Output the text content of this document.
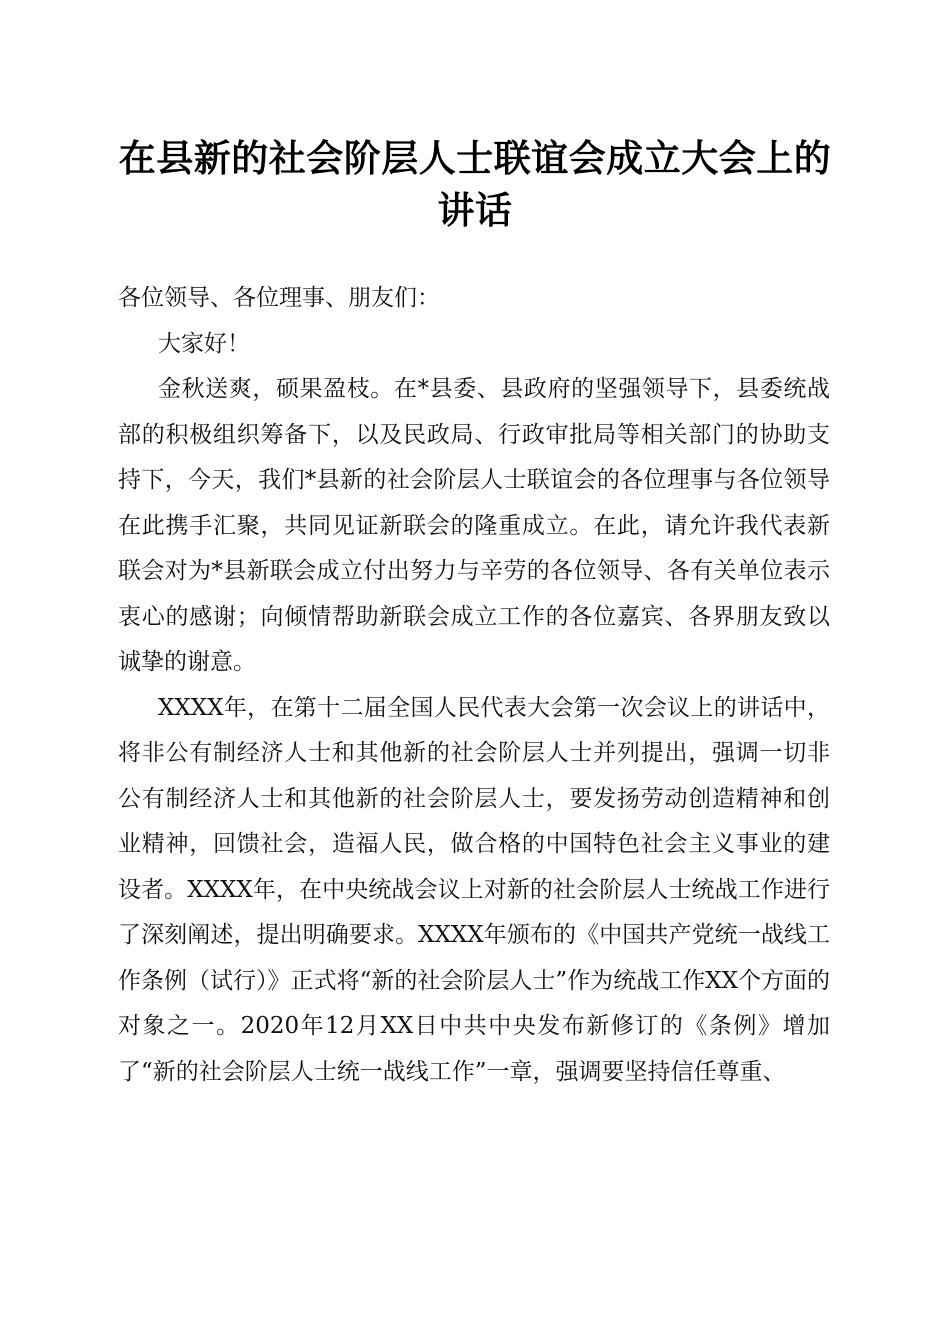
在县新的社会阶层人士联谊会成立大会上的讲话

各位领导、各位理事、朋友们：

大家好！

金秋送爽，硕果盈枝。在*县委、县政府的坚强领导下，县委统战部的积极组织筹备下，以及民政局、行政审批局等相关部门的协助支持下，今天，我们*县新的社会阶层人士联谊会的各位理事与各位领导在此携手汇聚，共同见证新联会的隆重成立。在此，请允许我代表新联会对为*县新联会成立付出努力与辛劳的各位领导、各有关单位表示衷心的感谢；向倾情帮助新联会成立工作的各位嘉宾、各界朋友致以诚挚的谢意。

XXXX年，在第十二届全国人民代表大会第一次会议上的讲话中，将非公有制经济人士和其他新的社会阶层人士并列提出，强调一切非公有制经济人士和其他新的社会阶层人士，要发扬劳动创造精神和创业精神，回馈社会，造福人民，做合格的中国特色社会主义事业的建设者。XXXX年，在中央统战会议上对新的社会阶层人士统战工作进行了深刻阐述，提出明确要求。XXXX年颁布的《中国共产党统一战线工作条例（试行）》正式将“新的社会阶层人士”作为统战工作XX个方面的对象之一。2020年12月XX日中共中央发布新修订的《条例》增加了“新的社会阶层人士统一战线工作”一章，强调要坚持信任尊重、
